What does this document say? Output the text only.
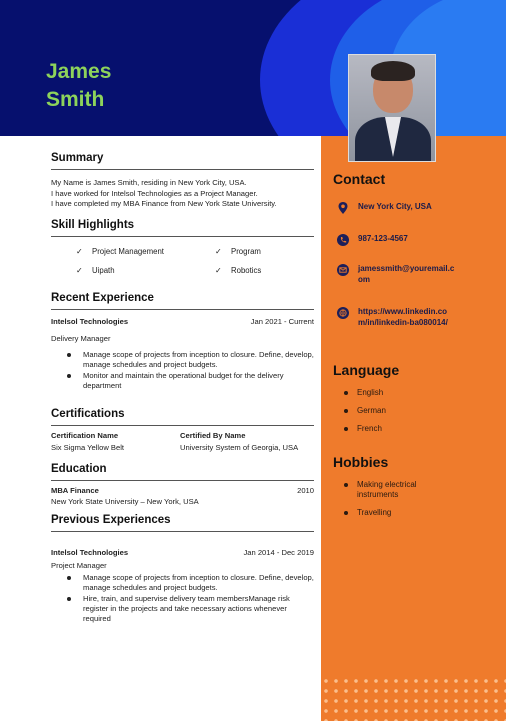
James
Smith
Contact
New York City, USA
987-123-4567
jamessmith@youremail.com
https://www.linkedin.com/in/linkedin-ba080014/
Language
English
German
French
Hobbies
Making electrical instruments
Travelling
Summary
My Name is James Smith, residing in New York City, USA.
I have worked for Intelsol Technologies as a Project Manager.
I have completed my MBA Finance from New York State University.
Skill Highlights
✓ Project Management	✓ Program
✓ Uipath	✓ Robotics
Recent Experience
Intelsol Technologies	Jan 2021 - Current
Delivery Manager
Manage scope of projects from inception to closure. Define, develop, manage schedules and project budgets.
Monitor and maintain the operational budget for the delivery department
Certifications
Certification Name	Certified By Name
Six Sigma Yellow Belt	University System of Georgia, USA
Education
MBA Finance	2010
New York State University – New York, USA
Previous Experiences
Intelsol Technologies	Jan 2014 - Dec 2019
Project Manager
Manage scope of projects from inception to closure. Define, develop, manage schedules and project budgets.
Hire, train, and supervise delivery team membersManage risk register in the projects and take necessary actions whenever required
